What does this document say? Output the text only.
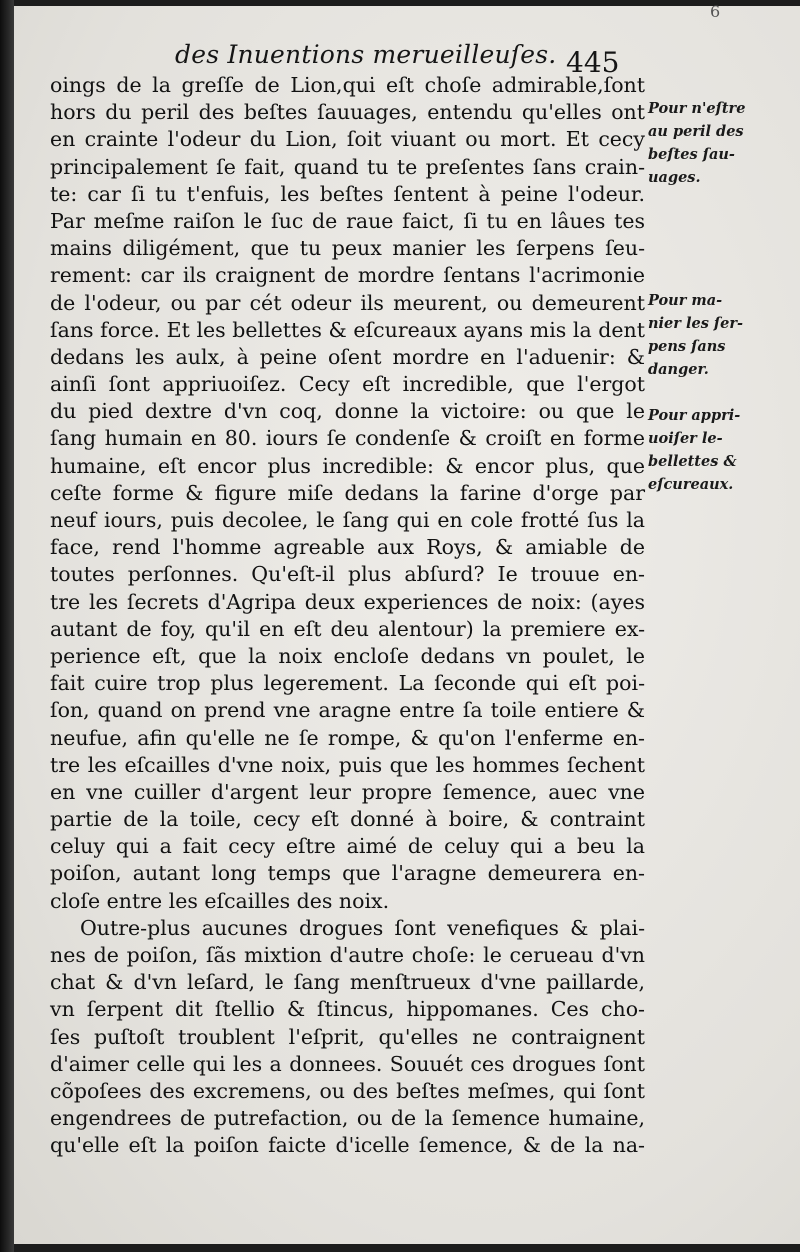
6
des Inuentions merueilleuſes. 445
oings de la greſſe de Lion,qui eſt choſe admirable,ſont
hors du peril des beſtes ſauuages, entendu qu'elles ont
en crainte l'odeur du Lion, ſoit viuant ou mort. Et cecy
principalement ſe fait, quand tu te preſentes ſans crain-
te: car ſi tu t'enfuis, les beſtes ſentent à peine l'odeur.
Par meſme raiſon le ſuc de raue faict, ſi tu en lâues tes
mains diligément, que tu peux manier les ſerpens ſeu-
rement: car ils craignent de mordre ſentans l'acrimonie
de l'odeur, ou par cét odeur ils meurent, ou demeurent
ſans force. Et les bellettes & eſcureaux ayans mis la dent
dedans les aulx, à peine oſent mordre en l'aduenir: &
ainſi ſont appriuoiſez. Cecy eſt incredible, que l'ergot
du pied dextre d'vn coq, donne la victoire: ou que le
ſang humain en 80. iours ſe condenſe & croiſt en forme
humaine, eſt encor plus incredible: & encor plus, que
ceſte forme & figure miſe dedans la farine d'orge par
neuf iours, puis decolee, le ſang qui en cole frotté ſus la
face, rend l'homme agreable aux Roys, & amiable de
toutes perſonnes. Qu'eſt-il plus abſurd? Ie trouue en-
tre les ſecrets d'Agripa deux experiences de noix: (ayes
autant de foy, qu'il en eſt deu alentour) la premiere ex-
perience eſt, que la noix encloſe dedans vn poulet, le
fait cuire trop plus legerement. La ſeconde qui eſt poi-
ſon, quand on prend vne aragne entre ſa toile entiere &
neufue, afin qu'elle ne ſe rompe, & qu'on l'enferme en-
tre les eſcailles d'vne noix, puis que les hommes ſechent
en vne cuiller d'argent leur propre ſemence, auec vne
partie de la toile, cecy eſt donné à boire, & contraint
celuy qui a fait cecy eſtre aimé de celuy qui a beu la
poiſon, autant long temps que l'aragne demeurera en-
cloſe entre les eſcailles des noix.
Outre-plus aucunes drogues ſont venefiques & plai-
nes de poiſon, ſãs mixtion d'autre choſe: le cerueau d'vn
chat & d'vn leſard, le ſang menſtrueux d'vne paillarde,
vn ſerpent dit ſtellio & ſtincus, hippomanes. Ces cho-
ſes puſtoſt troublent l'eſprit, qu'elles ne contraignent
d'aimer celle qui les a donnees. Souuét ces drogues ſont
cõpoſees des excremens, ou des beſtes meſmes, qui ſont
engendrees de putrefaction, ou de la ſemence humaine,
qu'elle eſt la poiſon faicte d'icelle ſemence, & de la na-
Pour n'eſtre
au peril des
beſtes ſau-
uages.
Pour ma-
nier les ſer-
pens ſans
danger.
Pour appri-
uoiſer le-
bellettes &
eſcureaux.
